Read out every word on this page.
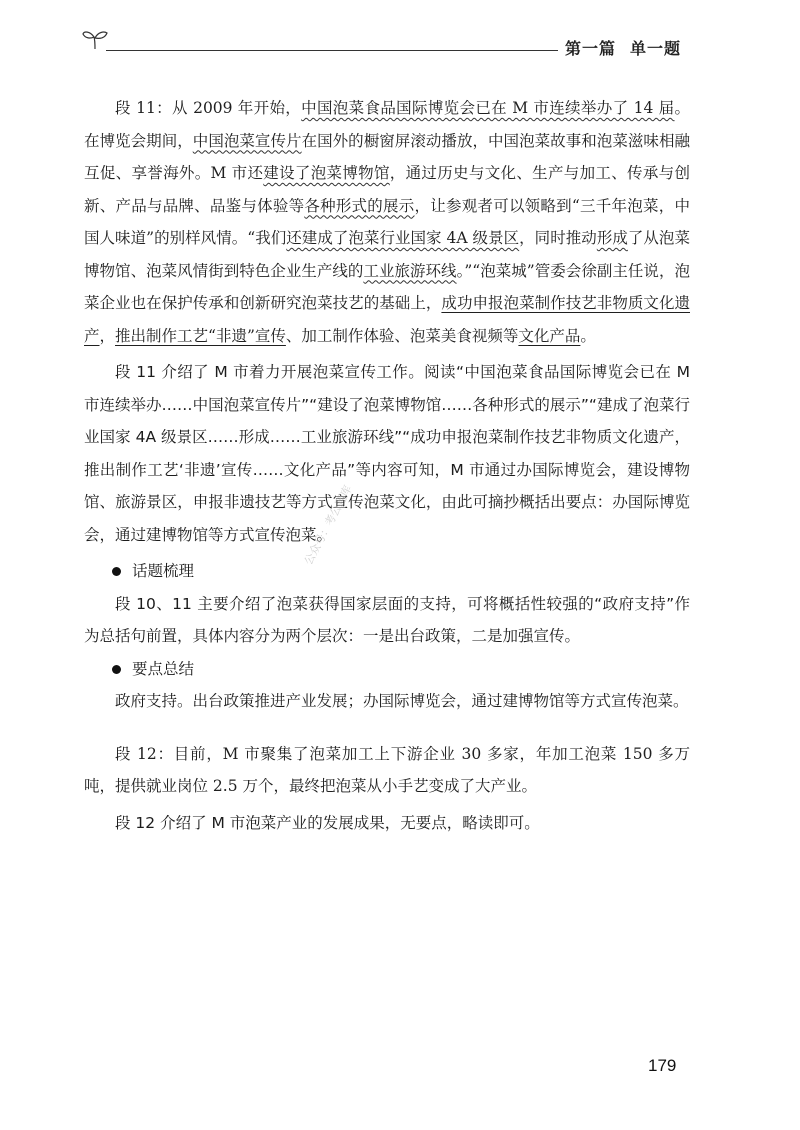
第一篇 单一题

段 11：从 2009 年开始，中国泡菜食品国际博览会已在 M 市连续举办了 14 届。在博览会期间，中国泡菜宣传片在国外的橱窗屏滚动播放，中国泡菜故事和泡菜滋味相融互促、享誉海外。M 市还建设了泡菜博物馆，通过历史与文化、生产与加工、传承与创新、产品与品牌、品鉴与体验等各种形式的展示，让参观者可以领略到“三千年泡菜，中国人味道”的别样风情。“我们还建成了泡菜行业国家 4A 级景区，同时推动形成了从泡菜博物馆、泡菜风情街到特色企业生产线的工业旅游环线。”“泡菜城”管委会徐副主任说，泡菜企业也在保护传承和创新研究泡菜技艺的基础上，成功申报泡菜制作技艺非物质文化遗产，推出制作工艺“非遗”宣传、加工制作体验、泡菜美食视频等文化产品。

段 11 介绍了 M 市着力开展泡菜宣传工作。阅读“中国泡菜食品国际博览会已在 M 市连续举办……中国泡菜宣传片”“建设了泡菜博物馆……各种形式的展示”“建成了泡菜行业国家 4A 级景区……形成……工业旅游环线”“成功申报泡菜制作技艺非物质文化遗产，推出制作工艺‘非遗’宣传……文化产品”等内容可知，M 市通过办国际博览会，建设博物馆、旅游景区，申报非遗技艺等方式宣传泡菜文化，由此可摘抄概括出要点：办国际博览会，通过建博物馆等方式宣传泡菜。

话题梳理

段 10、11 主要介绍了泡菜获得国家层面的支持，可将概括性较强的“政府支持”作为总括句前置，具体内容分为两个层次：一是出台政策，二是加强宣传。

要点总结

政府支持。出台政策推进产业发展；办国际博览会，通过建博物馆等方式宣传泡菜。

段 12：目前，M 市聚集了泡菜加工上下游企业 30 多家，年加工泡菜 150 多万吨，提供就业岗位 2.5 万个，最终把泡菜从小手艺变成了大产业。

段 12 介绍了 M 市泡菜产业的发展成果，无要点，略读即可。

公众号：考公题库
179
